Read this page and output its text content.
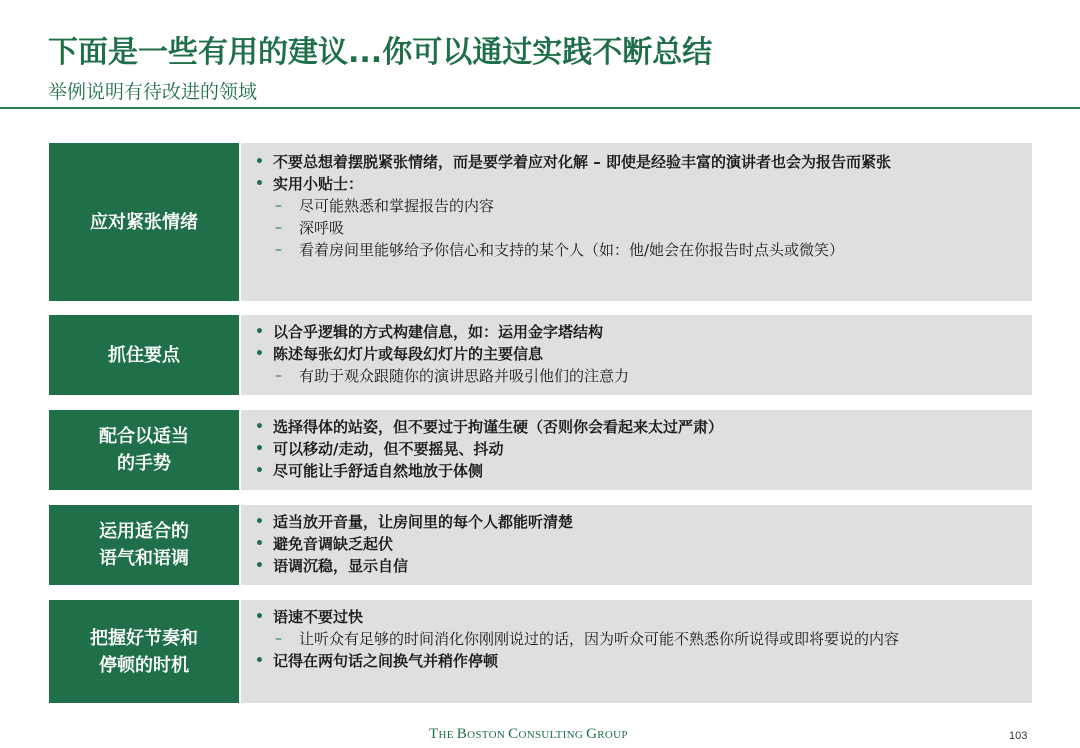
下面是一些有用的建议...你可以通过实践不断总结
举例说明有待改进的领域
应对紧张情绪
• 不要总想着摆脱紧张情绪，而是要学着应对化解 – 即使是经验丰富的演讲者也会为报告而紧张
• 实用小贴士：
–	尽可能熟悉和掌握报告的内容
–	深呼吸
–	看着房间里能够给予你信心和支持的某个人（如：他/她会在你报告时点头或微笑）
抓住要点
• 以合乎逻辑的方式构建信息，如：运用金字塔结构
• 陈述每张幻灯片或每段幻灯片的主要信息
–	有助于观众跟随你的演讲思路并吸引他们的注意力
配合以适当
的手势
• 选择得体的站姿，但不要过于拘谨生硬（否则你会看起来太过严肃）
• 可以移动/走动，但不要摇晃、抖动
• 尽可能让手舒适自然地放于体侧
运用适合的
语气和语调
• 适当放开音量，让房间里的每个人都能听清楚
• 避免音调缺乏起伏
• 语调沉稳，显示自信
把握好节奏和
停顿的时机
• 语速不要过快
–	让听众有足够的时间消化你刚刚说过的话，因为听众可能不熟悉你所说得或即将要说的内容
• 记得在两句话之间换气并稍作停顿
THE BOSTON CONSULTING GROUP	103
